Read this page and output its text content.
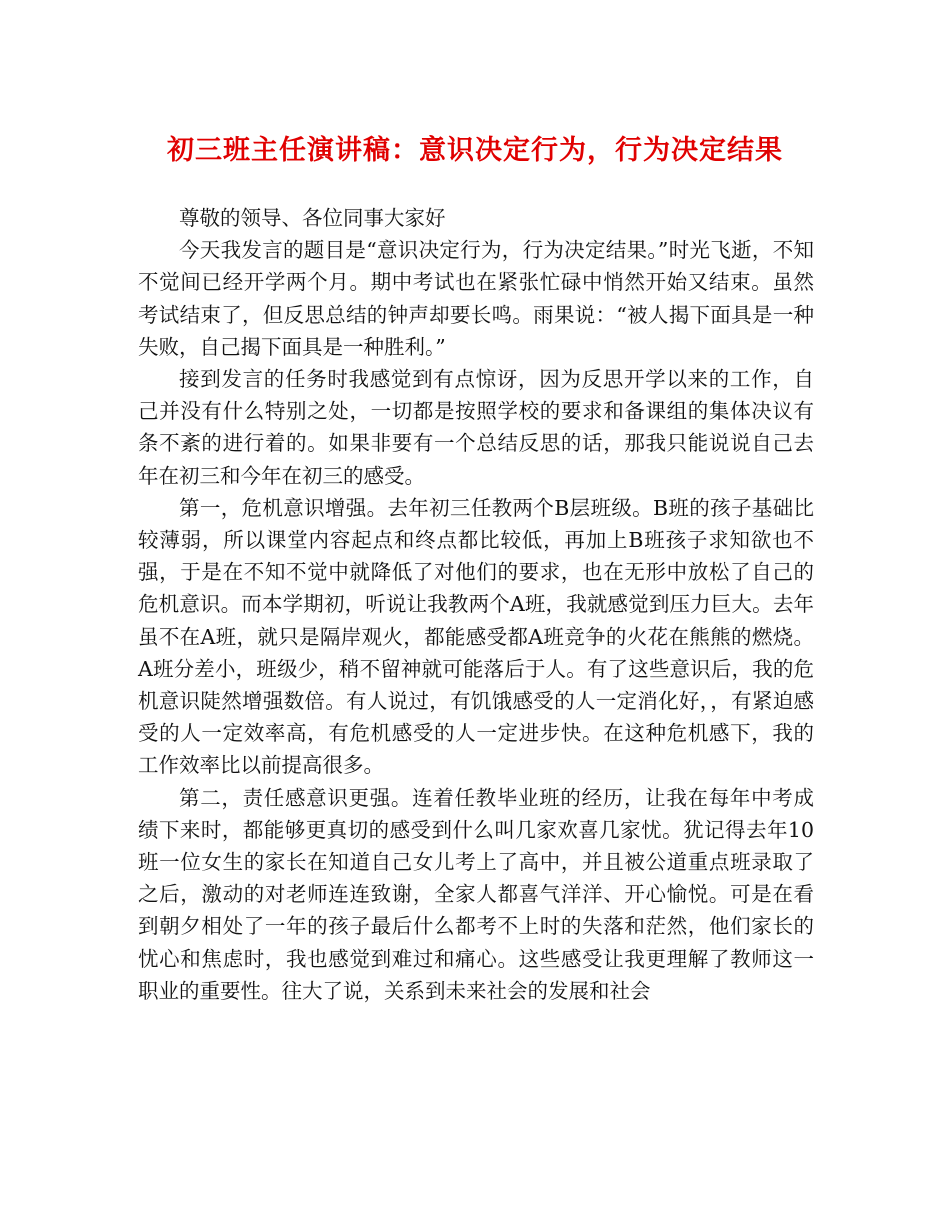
初三班主任演讲稿：意识决定行为，行为决定结果

尊敬的领导、各位同事大家好

今天我发言的题目是“意识决定行为，行为决定结果。”时光飞逝，不知不觉间已经开学两个月。期中考试也在紧张忙碌中悄然开始又结束。虽然考试结束了，但反思总结的钟声却要长鸣。雨果说：“被人揭下面具是一种失败，自己揭下面具是一种胜利。”

接到发言的任务时我感觉到有点惊讶，因为反思开学以来的工作，自己并没有什么特别之处，一切都是按照学校的要求和备课组的集体决议有条不紊的进行着的。如果非要有一个总结反思的话，那我只能说说自己去年在初三和今年在初三的感受。

第一，危机意识增强。去年初三任教两个B层班级。B班的孩子基础比较薄弱，所以课堂内容起点和终点都比较低，再加上B班孩子求知欲也不强，于是在不知不觉中就降低了对他们的要求，也在无形中放松了自己的危机意识。而本学期初，听说让我教两个A班，我就感觉到压力巨大。去年虽不在A班，就只是隔岸观火，都能感受都A班竞争的火花在熊熊的燃烧。A班分差小，班级少，稍不留神就可能落后于人。有了这些意识后，我的危机意识陡然增强数倍。有人说过，有饥饿感受的人一定消化好，，有紧迫感受的人一定效率高，有危机感受的人一定进步快。在这种危机感下，我的工作效率比以前提高很多。

第二，责任感意识更强。连着任教毕业班的经历，让我在每年中考成绩下来时，都能够更真切的感受到什么叫几家欢喜几家忧。犹记得去年10班一位女生的家长在知道自己女儿考上了高中，并且被公道重点班录取了之后，激动的对老师连连致谢，全家人都喜气洋洋、开心愉悦。可是在看到朝夕相处了一年的孩子最后什么都考不上时的失落和茫然，他们家长的忧心和焦虑时，我也感觉到难过和痛心。这些感受让我更理解了教师这一职业的重要性。往大了说，关系到未来社会的发展和社会
